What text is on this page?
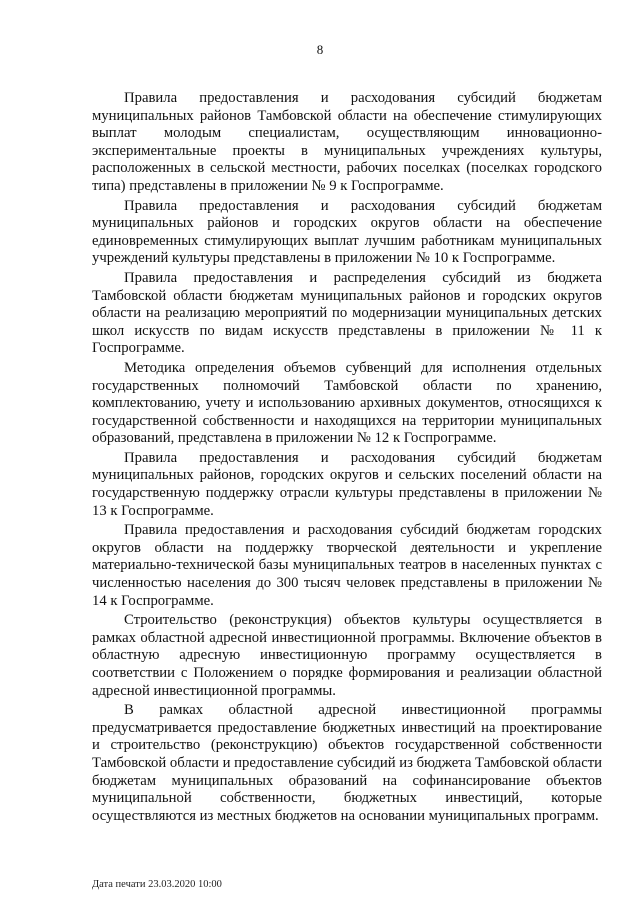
8

Правила предоставления и расходования субсидий бюджетам муниципальных районов Тамбовской области на обеспечение стимулирующих выплат молодым специалистам, осуществляющим инновационно-экспериментальные проекты в муниципальных учреждениях культуры, расположенных в сельской местности, рабочих поселках (поселках городского типа) представлены в приложении № 9 к Госпрограмме.

Правила предоставления и расходования субсидий бюджетам муниципальных районов и городских округов области на обеспечение единовременных стимулирующих выплат лучшим работникам муниципальных учреждений культуры представлены в приложении № 10 к Госпрограмме.

Правила предоставления и распределения субсидий из бюджета Тамбовской области бюджетам муниципальных районов и городских округов области на реализацию мероприятий по модернизации муниципальных детских школ искусств по видам искусств представлены в приложении № 11 к Госпрограмме.

Методика определения объемов субвенций для исполнения отдельных государственных полномочий Тамбовской области по хранению, комплектованию, учету и использованию архивных документов, относящихся к государственной собственности и находящихся на территории муниципальных образований, представлена в приложении № 12 к Госпрограмме.

Правила предоставления и расходования субсидий бюджетам муниципальных районов, городских округов и сельских поселений области на государственную поддержку отрасли культуры представлены в приложении № 13 к Госпрограмме.

Правила предоставления и расходования субсидий бюджетам городских округов области на поддержку творческой деятельности и укрепление материально-технической базы муниципальных театров в населенных пунктах с численностью населения до 300 тысяч человек представлены в приложении № 14 к Госпрограмме.

Строительство (реконструкция) объектов культуры осуществляется в рамках областной адресной инвестиционной программы. Включение объектов в областную адресную инвестиционную программу осуществляется в соответствии с Положением о порядке формирования и реализации областной адресной инвестиционной программы.

В рамках областной адресной инвестиционной программы предусматривается предоставление бюджетных инвестиций на проектирование и строительство (реконструкцию) объектов государственной собственности Тамбовской области и предоставление субсидий из бюджета Тамбовской области бюджетам муниципальных образований на софинансирование объектов муниципальной собственности, бюджетных инвестиций, которые осуществляются из местных бюджетов на основании муниципальных программ.

Дата печати 23.03.2020 10:00
